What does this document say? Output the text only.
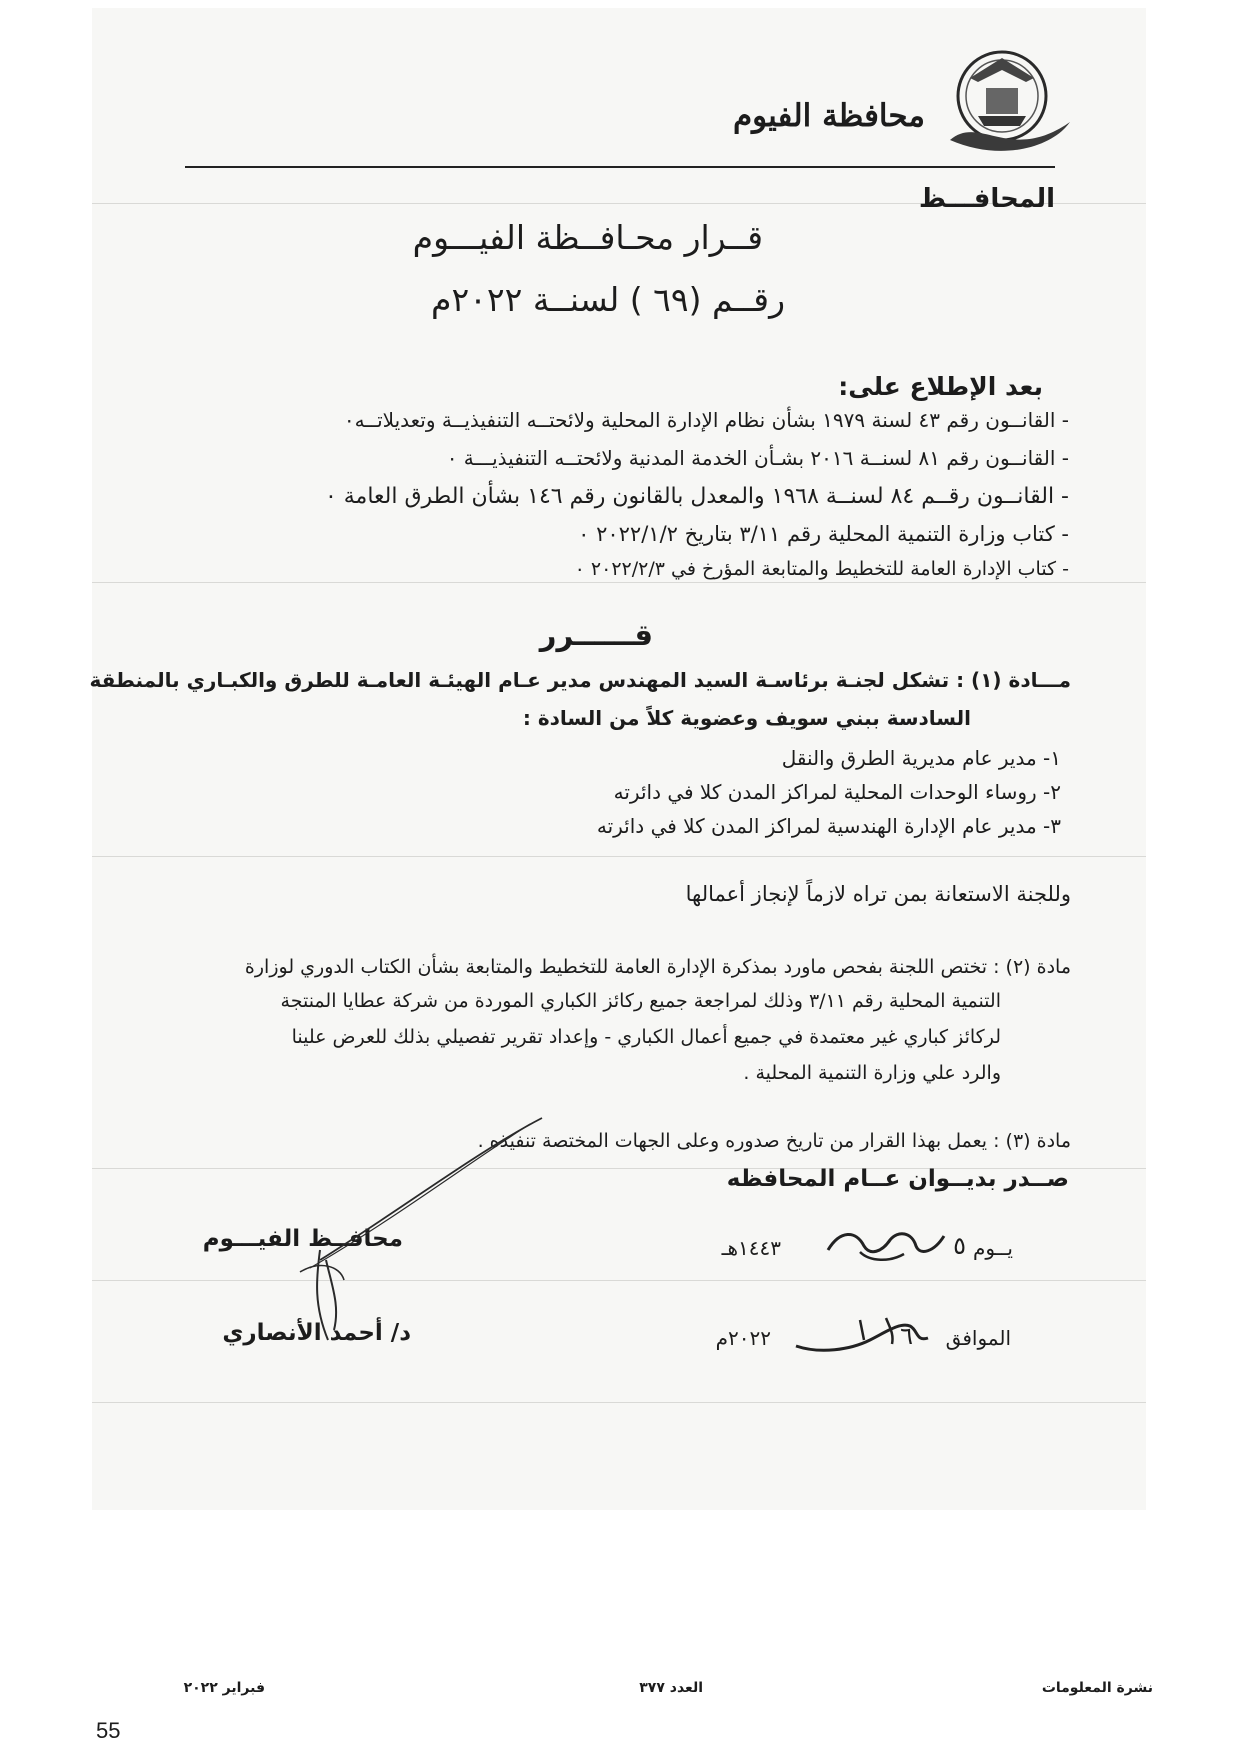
محافظة الفيوم
المحافـــظ
قــرار محـافــظة الفيـــوم
رقــم (٦٩ ) لسنــة ٢٠٢٢م
بعد الإطلاع على:
- القانــون رقم ٤٣ لسنة ١٩٧٩ بشأن نظام الإدارة المحلية ولائحتــه التنفيذيــة وتعديلاتــه٠
- القانــون رقم ٨١ لسنــة ٢٠١٦ بشـأن الخدمة المدنية ولائحتــه التنفيذيـــة ٠
- القانــون رقــم ٨٤ لسنــة ١٩٦٨ والمعدل بالقانون رقم ١٤٦ بشأن الطرق العامة ٠
- كتاب وزارة التنمية المحلية رقم ٣/١١ بتاريخ ٢٠٢٢/١/٢ ٠
- كتاب الإدارة العامة للتخطيط والمتابعة المؤرخ في ٢٠٢٢/٢/٣ ٠
قــــــرر
مـــادة (١) : تشكل لجنـة برئاسـة السيد المهندس مدير عـام الهيئـة العامـة للطرق والكبـاري بالمنطقة
السادسة ببني سويف وعضوية كلاً من السادة :
١- مدير عام مديرية الطرق والنقل
٢- روساء الوحدات المحلية لمراكز المدن كلا في دائرته
٣- مدير عام الإدارة الهندسية لمراكز المدن كلا في دائرته
وللجنة الاستعانة بمن تراه لازماً لإنجاز أعمالها
مادة (٢) : تختص اللجنة بفحص ماورد بمذكرة الإدارة العامة للتخطيط والمتابعة بشأن الكتاب الدوري لوزارة
التنمية المحلية رقم ٣/١١ وذلك لمراجعة جميع ركائز الكباري الموردة من شركة عطايا المنتجة
لركائز كباري غير معتمدة في جميع أعمال الكباري - وإعداد تقرير تفصيلي بذلك للعرض علينا
والرد علي وزارة التنمية المحلية .
مادة (٣) : يعمل بهذا القرار من تاريخ صدوره وعلى الجهات المختصة تنفيذه .
صــدر بديــوان عــام المحافظه
يــوم
٥
١٤٤٣هـ
الموافق
٦
٢٠٢٢م
محافــظ الفيـــوم
د/ أحمد الأنصاري
نشرة المعلومات
العدد ٣٧٧
فبراير ٢٠٢٢
55
